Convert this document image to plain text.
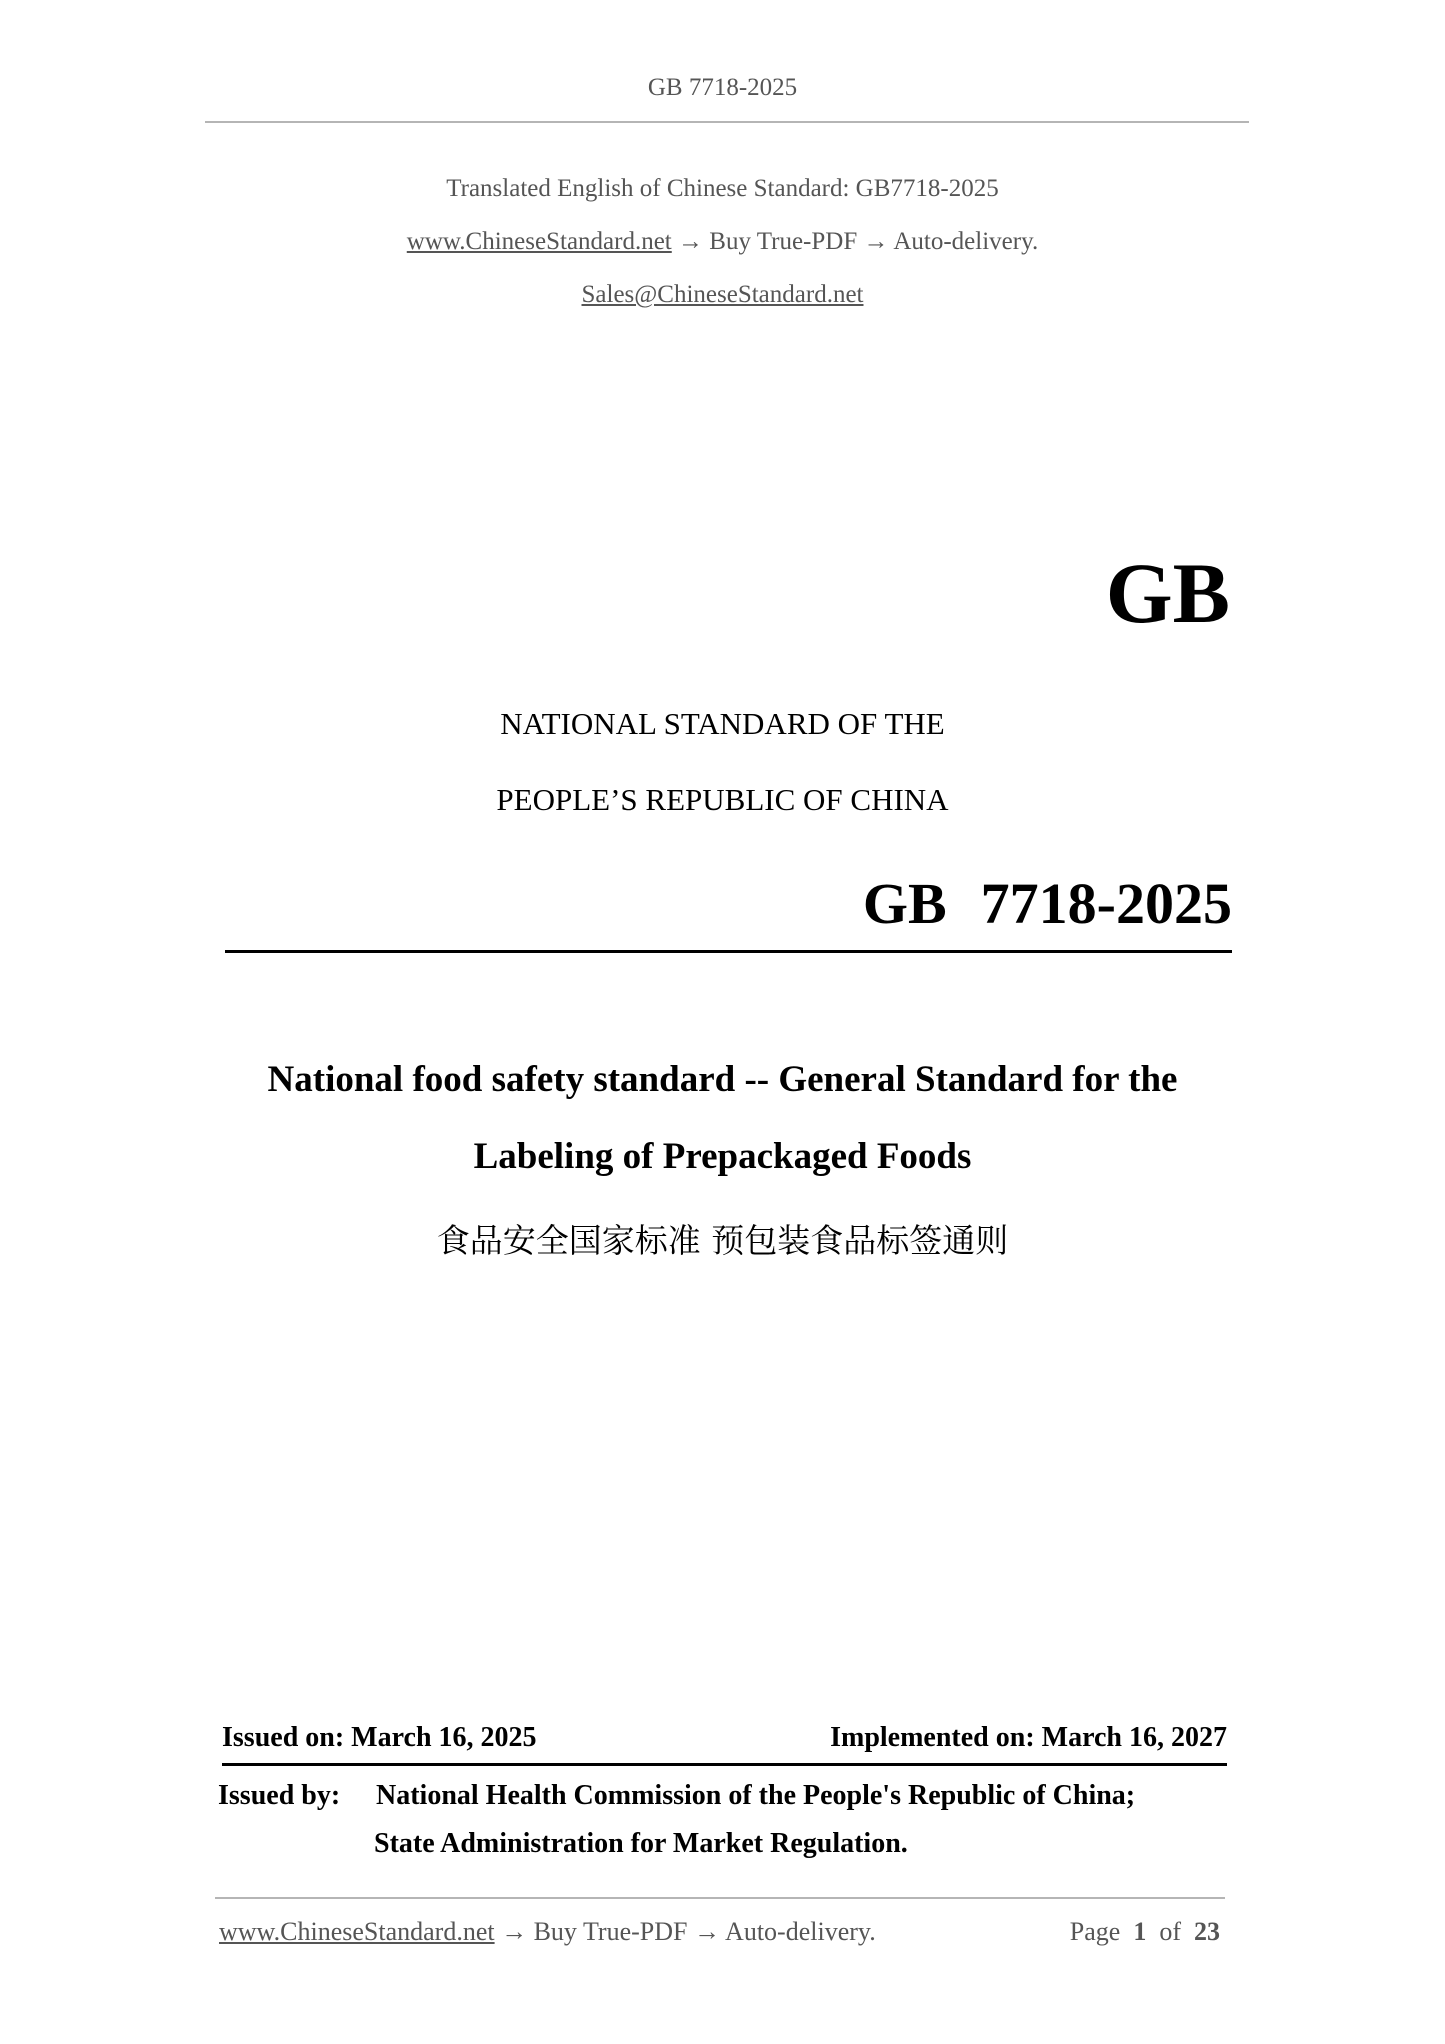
GB 7718-2025
Translated English of Chinese Standard: GB7718-2025
www.ChineseStandard.net → Buy True-PDF → Auto-delivery.
Sales@ChineseStandard.net
GB
NATIONAL STANDARD OF THE
PEOPLE’S REPUBLIC OF CHINA
GB 7718-2025
National food safety standard -- General Standard for the
Labeling of Prepackaged Foods
食品安全国家标准 预包装食品标签通则
Issued on: March 16, 2025	Implemented on: March 16, 2027
Issued by: National Health Commission of the People's Republic of China;
State Administration for Market Regulation.
www.ChineseStandard.net → Buy True-PDF → Auto-delivery.	Page 1 of 23
